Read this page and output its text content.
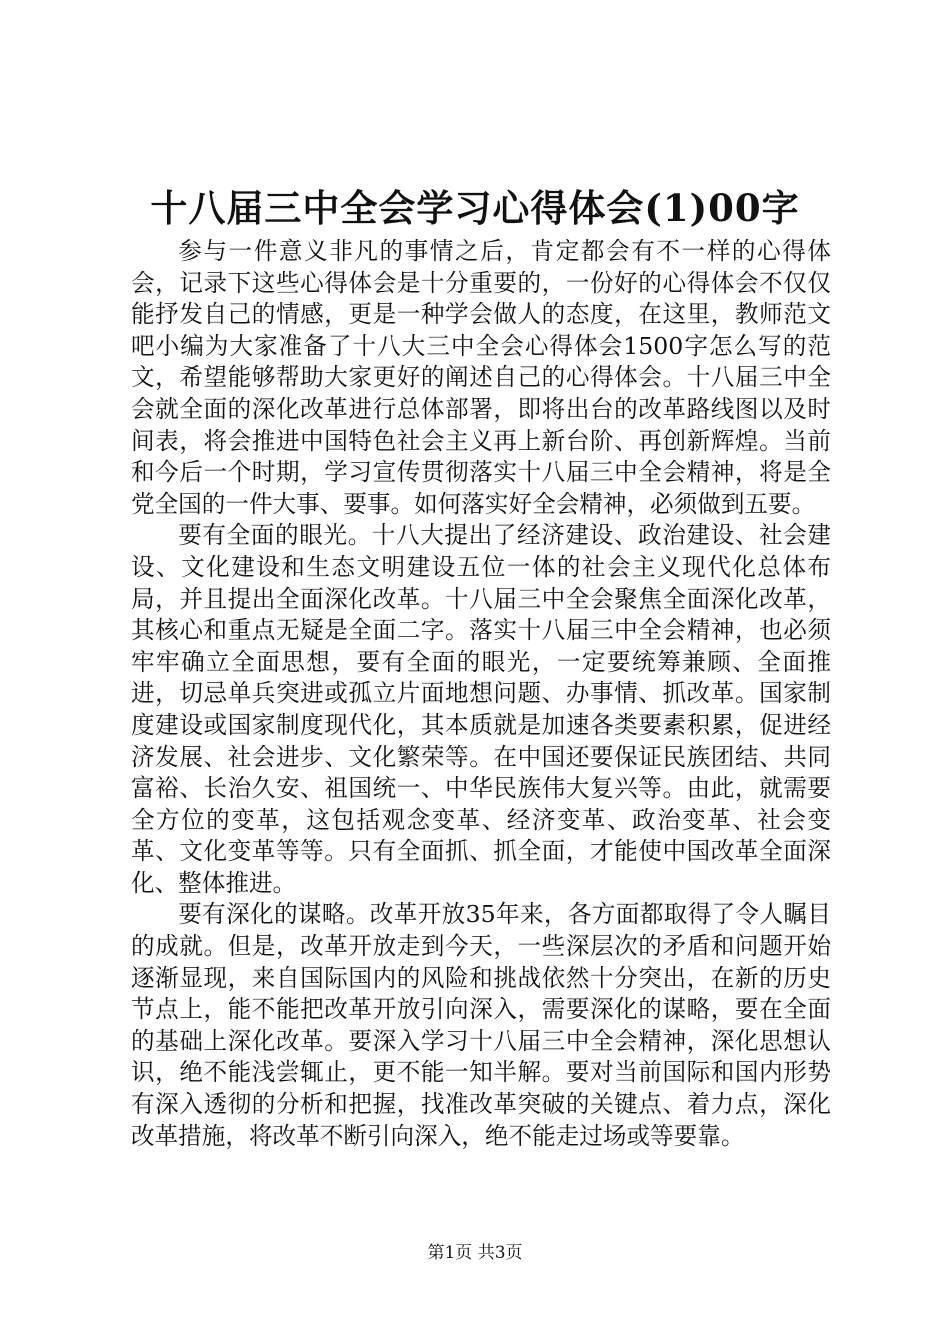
十八届三中全会学习心得体会(1)00字

参与一件意义非凡的事情之后，肯定都会有不一样的心得体会，记录下这些心得体会是十分重要的，一份好的心得体会不仅仅能抒发自己的情感，更是一种学会做人的态度，在这里，教师范文吧小编为大家准备了十八大三中全会心得体会1500字怎么写的范文，希望能够帮助大家更好的阐述自己的心得体会。十八届三中全会就全面的深化改革进行总体部署，即将出台的改革路线图以及时间表，将会推进中国特色社会主义再上新台阶、再创新辉煌。当前和今后一个时期，学习宣传贯彻落实十八届三中全会精神，将是全党全国的一件大事、要事。如何落实好全会精神，必须做到五要。

要有全面的眼光。十八大提出了经济建设、政治建设、社会建设、文化建设和生态文明建设五位一体的社会主义现代化总体布局，并且提出全面深化改革。十八届三中全会聚焦全面深化改革，其核心和重点无疑是全面二字。落实十八届三中全会精神，也必须牢牢确立全面思想，要有全面的眼光，一定要统筹兼顾、全面推进，切忌单兵突进或孤立片面地想问题、办事情、抓改革。国家制度建设或国家制度现代化，其本质就是加速各类要素积累，促进经济发展、社会进步、文化繁荣等。在中国还要保证民族团结、共同富裕、长治久安、祖国统一、中华民族伟大复兴等。由此，就需要全方位的变革，这包括观念变革、经济变革、政治变革、社会变革、文化变革等等。只有全面抓、抓全面，才能使中国改革全面深化、整体推进。

要有深化的谋略。改革开放35年来，各方面都取得了令人瞩目的成就。但是，改革开放走到今天，一些深层次的矛盾和问题开始逐渐显现，来自国际国内的风险和挑战依然十分突出，在新的历史节点上，能不能把改革开放引向深入，需要深化的谋略，要在全面的基础上深化改革。要深入学习十八届三中全会精神，深化思想认识，绝不能浅尝辄止，更不能一知半解。要对当前国际和国内形势有深入透彻的分析和把握，找准改革突破的关键点、着力点，深化改革措施，将改革不断引向深入，绝不能走过场或等要靠。

第1页 共3页
